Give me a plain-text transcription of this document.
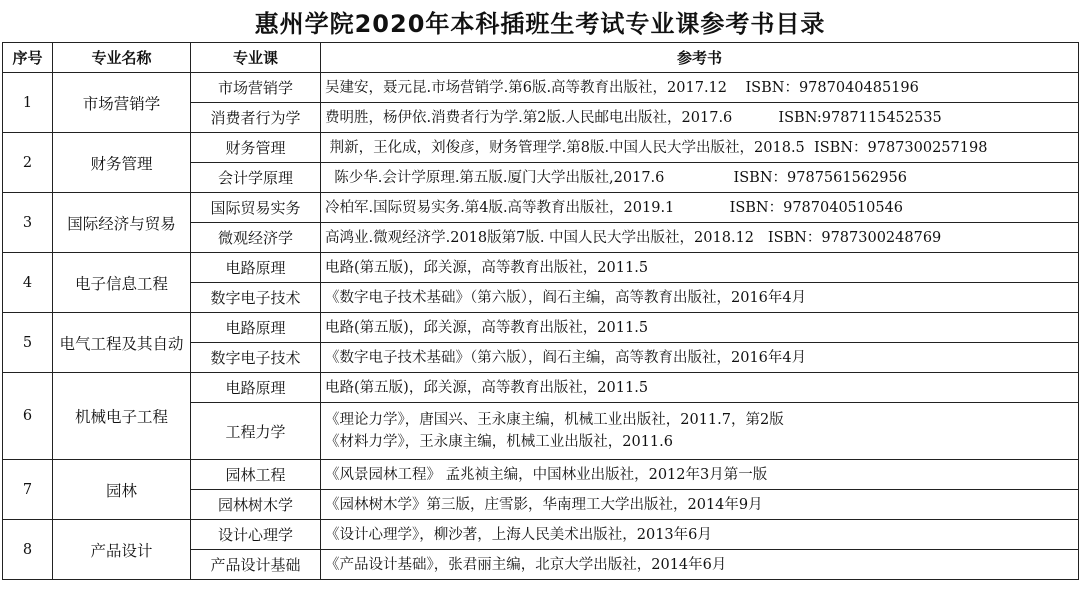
惠州学院2020年本科插班生考试专业课参考书目录
序号	专业名称	专业课	参考书
1	市场营销学	市场营销学	吴建安，聂元昆.市场营销学.第6版.高等教育出版社，2017.12    ISBN：9787040485196

		消费者行为学	费明胜，杨伊依.消费者行为学.第2版.人民邮电出版社，2017.6          ISBN:9787115452535

2	财务管理	财务管理	荆新，王化成，刘俊彦，财务管理学.第8版.中国人民大学出版社，2018.5  ISBN：9787300257198

		会计学原理	陈少华.会计学原理.第五版.厦门大学出版社,2017.6               ISBN：9787561562956

3	国际经济与贸易	国际贸易实务	冷柏军.国际贸易实务.第4版.高等教育出版社，2019.1            ISBN：9787040510546

		微观经济学	高鸿业.微观经济学.2018版第7版. 中国人民大学出版社，2018.12   ISBN：9787300248769

4	电子信息工程	电路原理	电路(第五版)，邱关源，高等教育出版社，2011.5

		数字电子技术	《数字电子技术基础》（第六版），阎石主编，高等教育出版社，2016年4月

5	电气工程及其自动	电路原理	电路(第五版)，邱关源，高等教育出版社，2011.5

		数字电子技术	《数字电子技术基础》（第六版），阎石主编，高等教育出版社，2016年4月

6	机械电子工程	电路原理	电路(第五版)，邱关源，高等教育出版社，2011.5

		工程力学	《理论力学》，唐国兴、王永康主编，机械工业出版社，2011.7，第2版
《材料力学》，王永康主编，机械工业出版社，2011.6

7	园林	园林工程	《风景园林工程》 孟兆祯主编，中国林业出版社，2012年3月第一版

		园林树木学	《园林树木学》第三版，庄雪影，华南理工大学出版社，2014年9月

8	产品设计	设计心理学	《设计心理学》，柳沙著，上海人民美术出版社，2013年6月

		产品设计基础	《产品设计基础》，张君丽主编，北京大学出版社，2014年6月
